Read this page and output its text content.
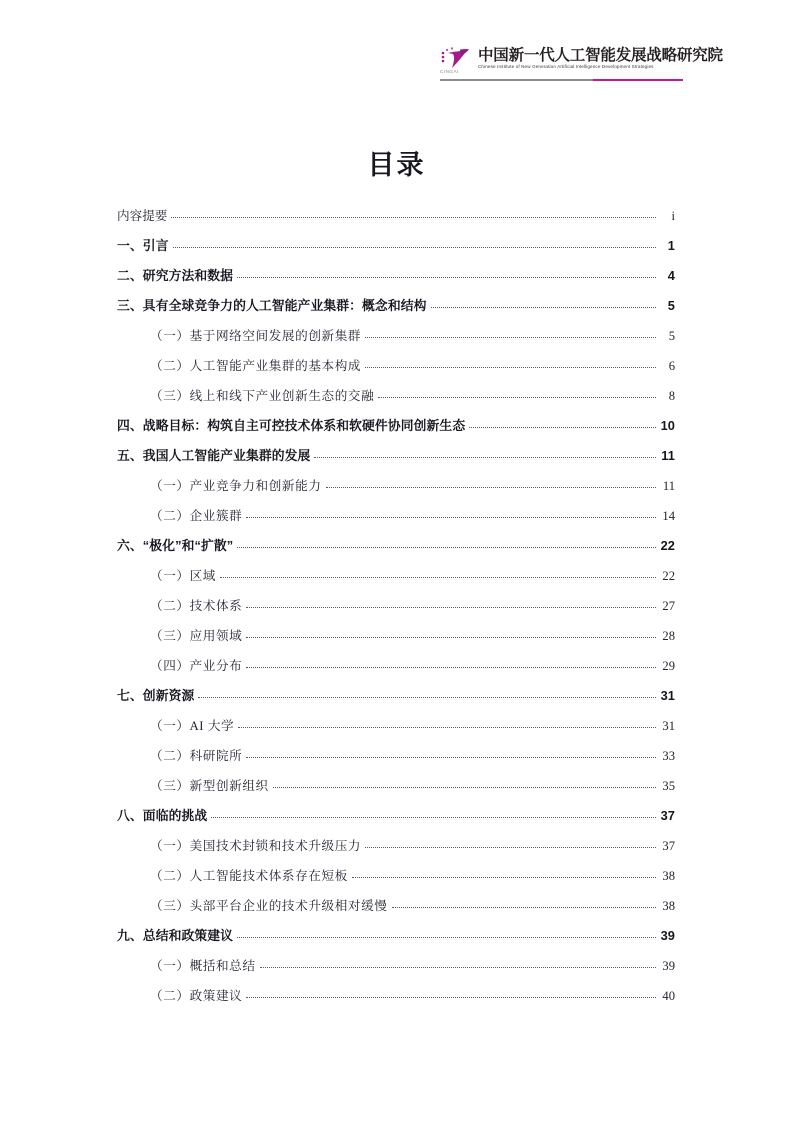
中国新一代人工智能发展战略研究院
Chinese Institute of New Generation Artificial Intelligence Development Strategies
CINGAI
目录
内容提要	i
一、引言	1
二、研究方法和数据	4
三、具有全球竞争力的人工智能产业集群：概念和结构	5
（一）基于网络空间发展的创新集群	5
（二）人工智能产业集群的基本构成	6
（三）线上和线下产业创新生态的交融	8
四、战略目标：构筑自主可控技术体系和软硬件协同创新生态	10
五、我国人工智能产业集群的发展	11
（一）产业竞争力和创新能力	11
（二）企业簇群	14
六、“极化”和“扩散”	22
（一）区域	22
（二）技术体系	27
（三）应用领域	28
（四）产业分布	29
七、创新资源	31
（一）AI 大学	31
（二）科研院所	33
（三）新型创新组织	35
八、面临的挑战	37
（一）美国技术封锁和技术升级压力	37
（二）人工智能技术体系存在短板	38
（三）头部平台企业的技术升级相对缓慢	38
九、总结和政策建议	39
（一）概括和总结	39
（二）政策建议	40
